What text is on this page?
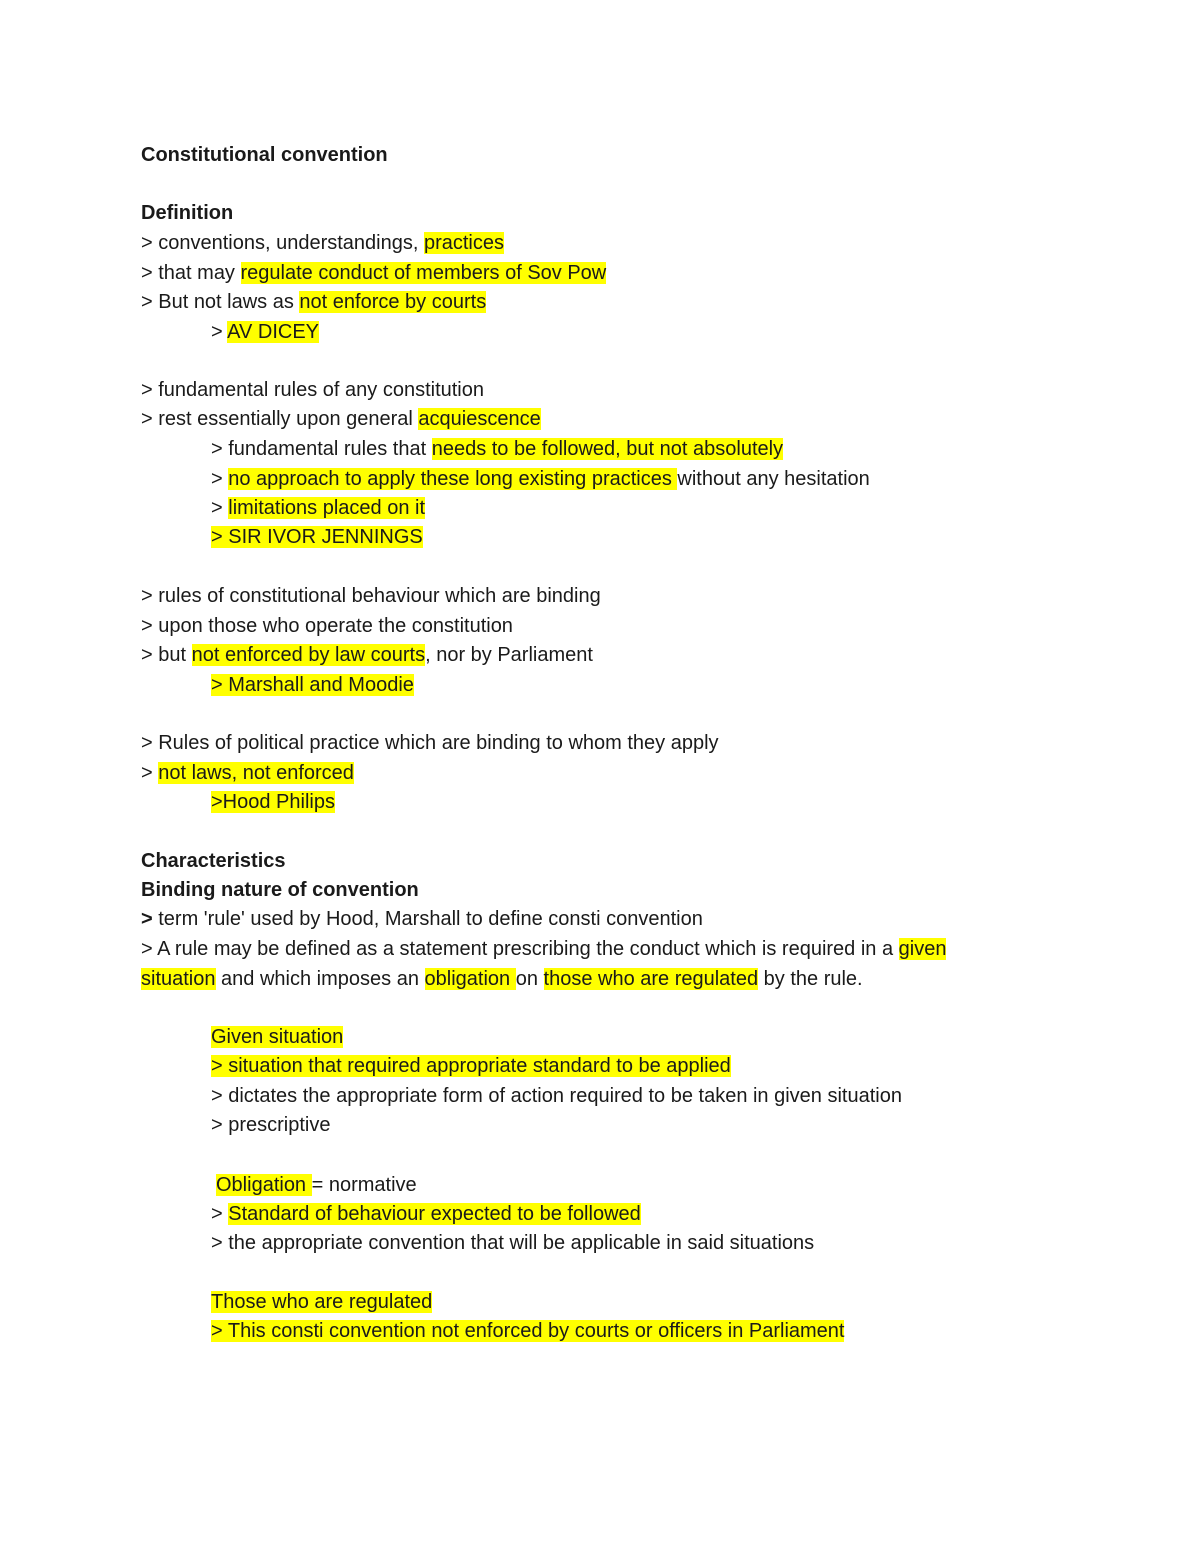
Constitutional convention
Definition
> conventions, understandings, practices
> that may regulate conduct of members of Sov Pow
> But not laws as not enforce by courts
> AV DICEY
> fundamental rules of any constitution
> rest essentially upon general acquiescence
> fundamental rules that needs to be followed, but not absolutely
> no approach to apply these long existing practices without any hesitation
> limitations placed on it
> SIR IVOR JENNINGS
> rules of constitutional behaviour which are binding
> upon those who operate the constitution
> but not enforced by law courts, nor by Parliament
> Marshall and Moodie
> Rules of political practice which are binding to whom they apply
> not laws, not enforced
>Hood Philips
Characteristics
Binding nature of convention
> term 'rule' used by Hood, Marshall to define consti convention
> A rule may be defined as a statement prescribing the conduct which is required in a given
situation and which imposes an obligation on those who are regulated by the rule.
Given situation
> situation that required appropriate standard to be applied
> dictates the appropriate form of action required to be taken in given situation
> prescriptive
Obligation = normative
> Standard of behaviour expected to be followed
> the appropriate convention that will be applicable in said situations
Those who are regulated
> This consti convention not enforced by courts or officers in Parliament
